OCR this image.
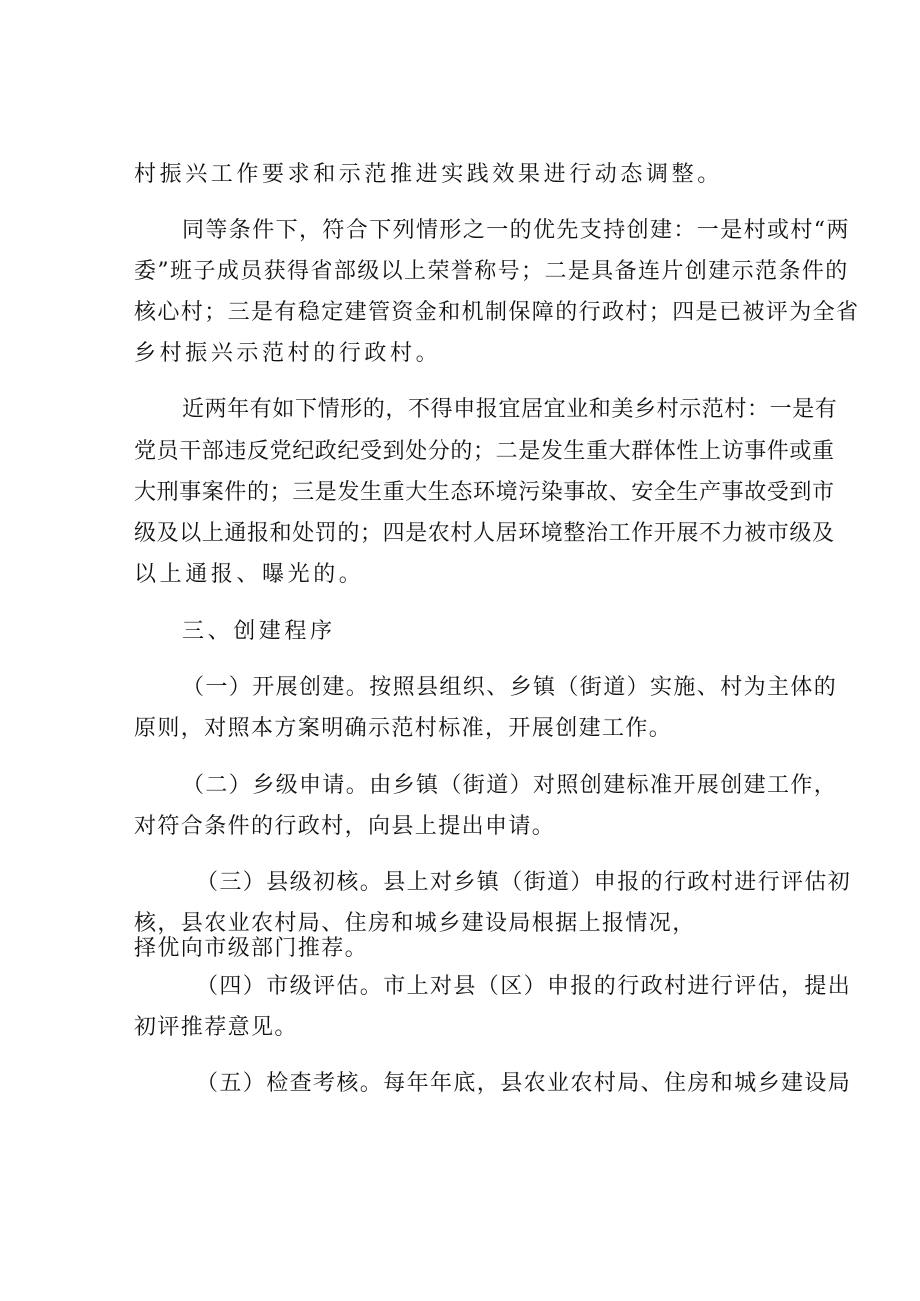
村振兴工作要求和示范推进实践效果进行动态调整。
同等条件下，符合下列情形之一的优先支持创建：一是村或村“两
委”班子成员获得省部级以上荣誉称号；二是具备连片创建示范条件的
核心村；三是有稳定建管资金和机制保障的行政村；四是已被评为全省
乡村振兴示范村的行政村。
近两年有如下情形的，不得申报宜居宜业和美乡村示范村：一是有
党员干部违反党纪政纪受到处分的；二是发生重大群体性上访事件或重
大刑事案件的；三是发生重大生态环境污染事故、安全生产事故受到市
级及以上通报和处罚的；四是农村人居环境整治工作开展不力被市级及
以上通报、曝光的。
三、创建程序
（一）开展创建。按照县组织、乡镇（街道）实施、村为主体的
原则，对照本方案明确示范村标准，开展创建工作。
（二）乡级申请。由乡镇（街道）对照创建标准开展创建工作，
对符合条件的行政村，向县上提出申请。
（三）县级初核。县上对乡镇（街道）申报的行政村进行评估初
核，县农业农村局、住房和城乡建设局根据上报情况，
择优向市级部门推荐。
（四）市级评估。市上对县（区）申报的行政村进行评估，提出
初评推荐意见。
（五）检查考核。每年年底，县农业农村局、住房和城乡建设局
